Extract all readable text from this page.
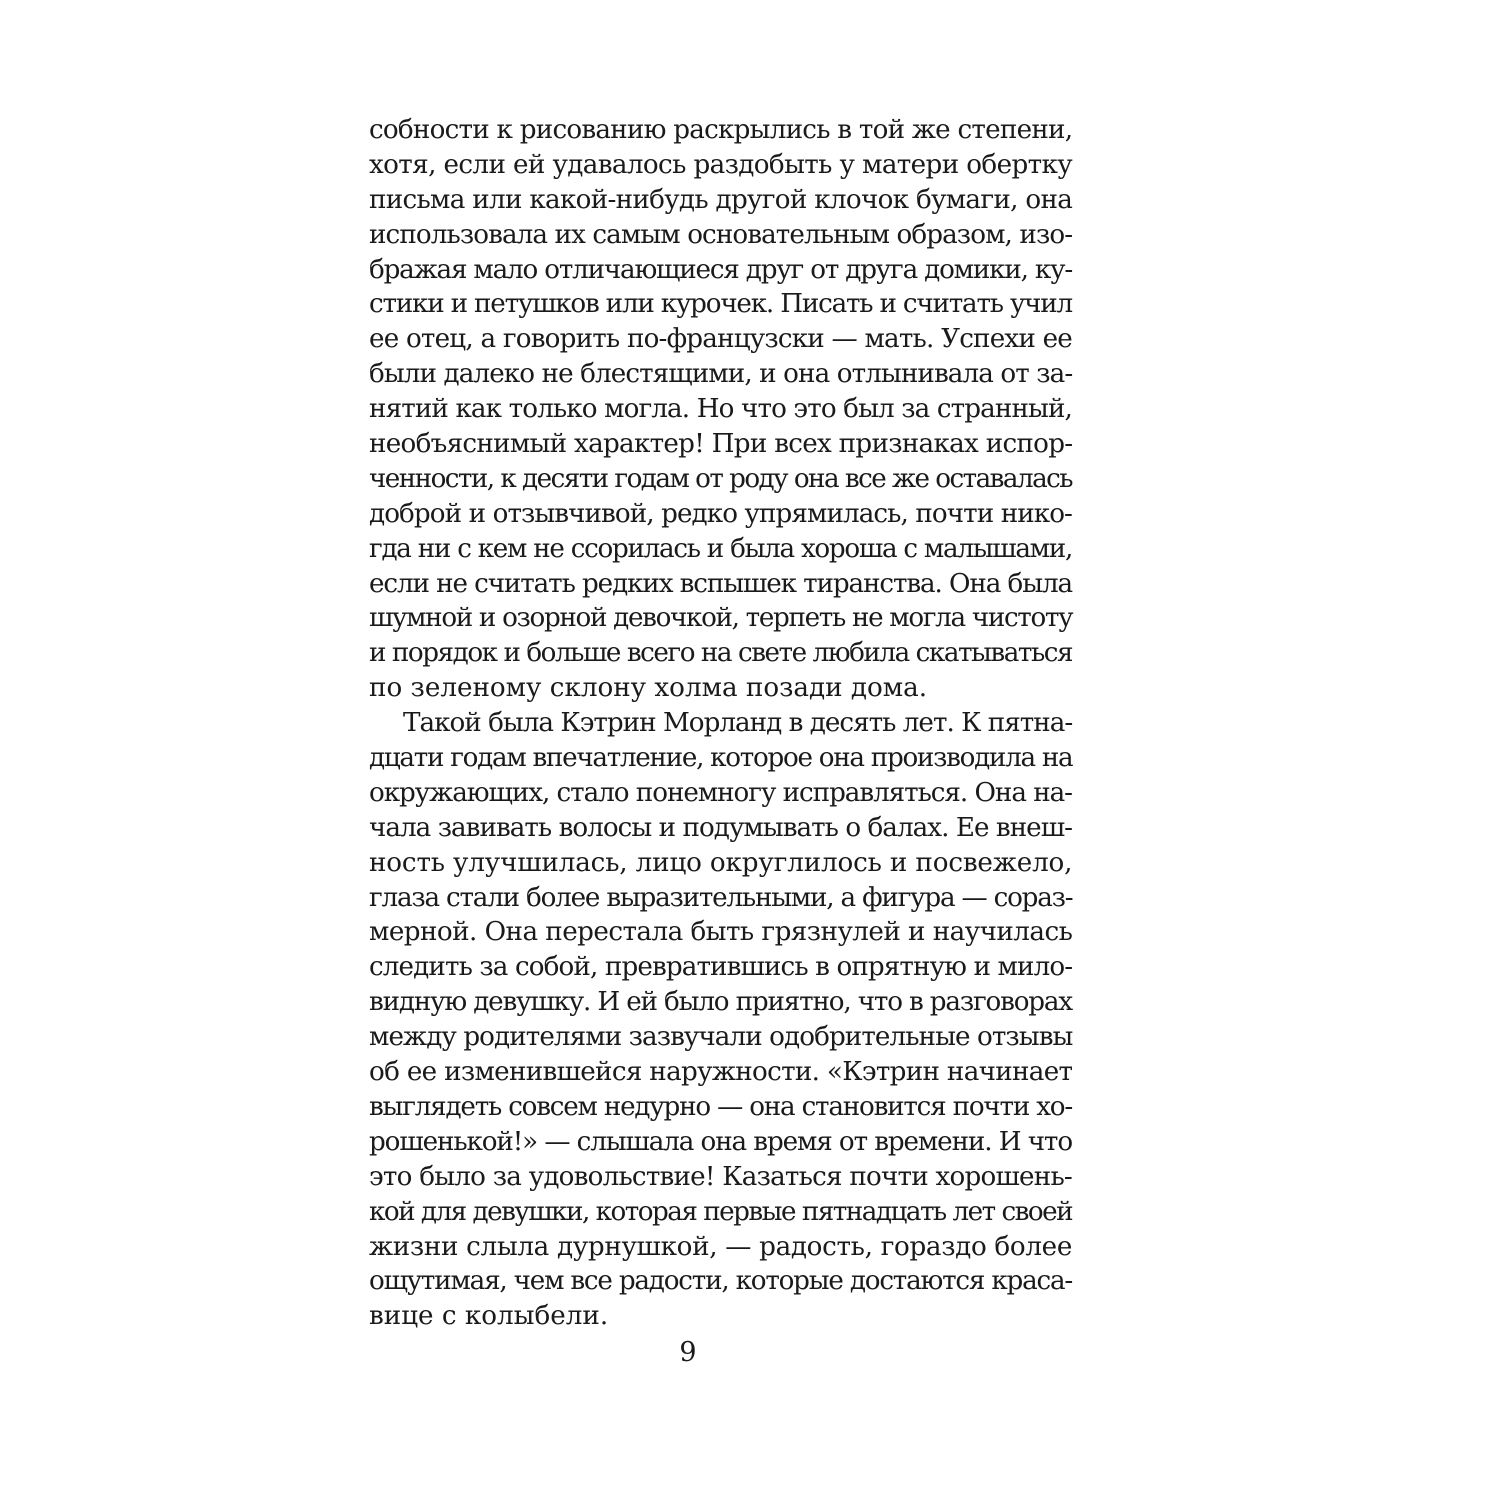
собности к рисованию раскрылись в той же степени,
хотя, если ей удавалось раздобыть у матери обертку
письма или какой-нибудь другой клочок бумаги, она
использовала их самым основательным образом, изо-
бражая мало отличающиеся друг от друга домики, ку-
стики и петушков или курочек. Писать и считать учил
ее отец, а говорить по-французски — мать. Успехи ее
были далеко не блестящими, и она отлынивала от за-
нятий как только могла. Но что это был за странный,
необъяснимый характер! При всех признаках испор-
ченности, к десяти годам от роду она все же оставалась
доброй и отзывчивой, редко упрямилась, почти нико-
гда ни с кем не ссорилась и была хороша с малышами,
если не считать редких вспышек тиранства. Она была
шумной и озорной девочкой, терпеть не могла чистоту
и порядок и больше всего на свете любила скатываться
по зеленому склону холма позади дома.
Такой была Кэтрин Морланд в десять лет. К пятна-
дцати годам впечатление, которое она производила на
окружающих, стало понемногу исправляться. Она на-
чала завивать волосы и подумывать о балах. Ее внеш-
ность улучшилась, лицо округлилось и посвежело,
глаза стали более выразительными, а фигура — сораз-
мерной. Она перестала быть грязнулей и научилась
следить за собой, превратившись в опрятную и мило-
видную девушку. И ей было приятно, что в разговорах
между родителями зазвучали одобрительные отзывы
об ее изменившейся наружности. «Кэтрин начинает
выглядеть совсем недурно — она становится почти хо-
рошенькой!» — слышала она время от времени. И что
это было за удовольствие! Казаться почти хорошень-
кой для девушки, которая первые пятнадцать лет своей
жизни слыла дурнушкой, — радость, гораздо более
ощутимая, чем все радости, которые достаются краса-
вице с колыбели.
9
